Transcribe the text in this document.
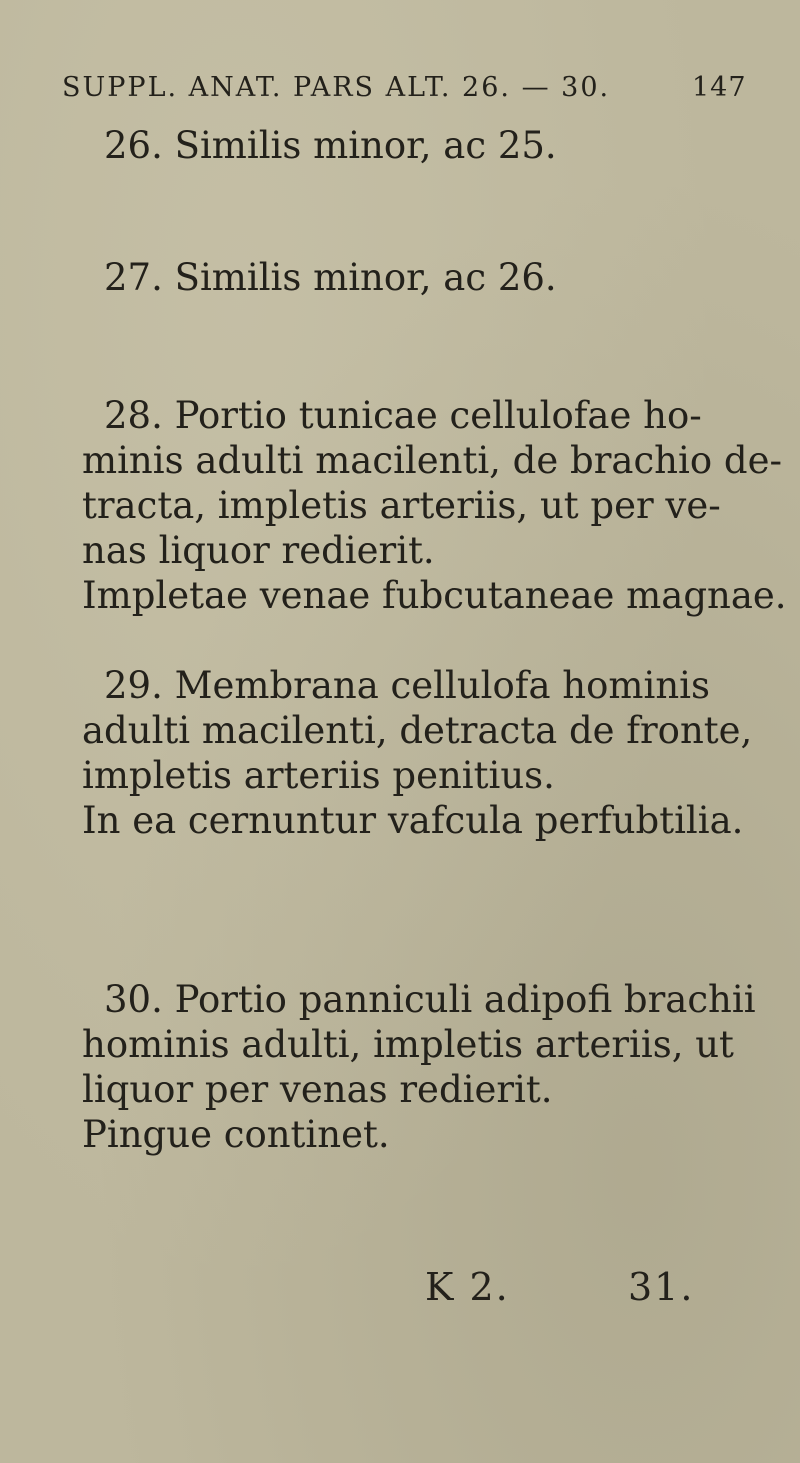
SUPPL. ANAT. PARS ALT. 26. — 30.	147

26. Similis minor, ac 25.

27. Similis minor, ac 26.

28. Portio tunicae cellulofae ho-

minis adulti macilenti, de brachio de-

tracta, impletis arteriis, ut per ve-

nas liquor redierit.

Impletae venae fubcutaneae magnae.

29. Membrana cellulofa hominis

adulti macilenti, detracta de fronte,

impletis arteriis penitius.

In ea cernuntur vafcula perfubtilia.

30. Portio panniculi adipofi brachii

hominis adulti, impletis arteriis, ut

liquor per venas redierit.

Pingue continet.

K 2.	31.
